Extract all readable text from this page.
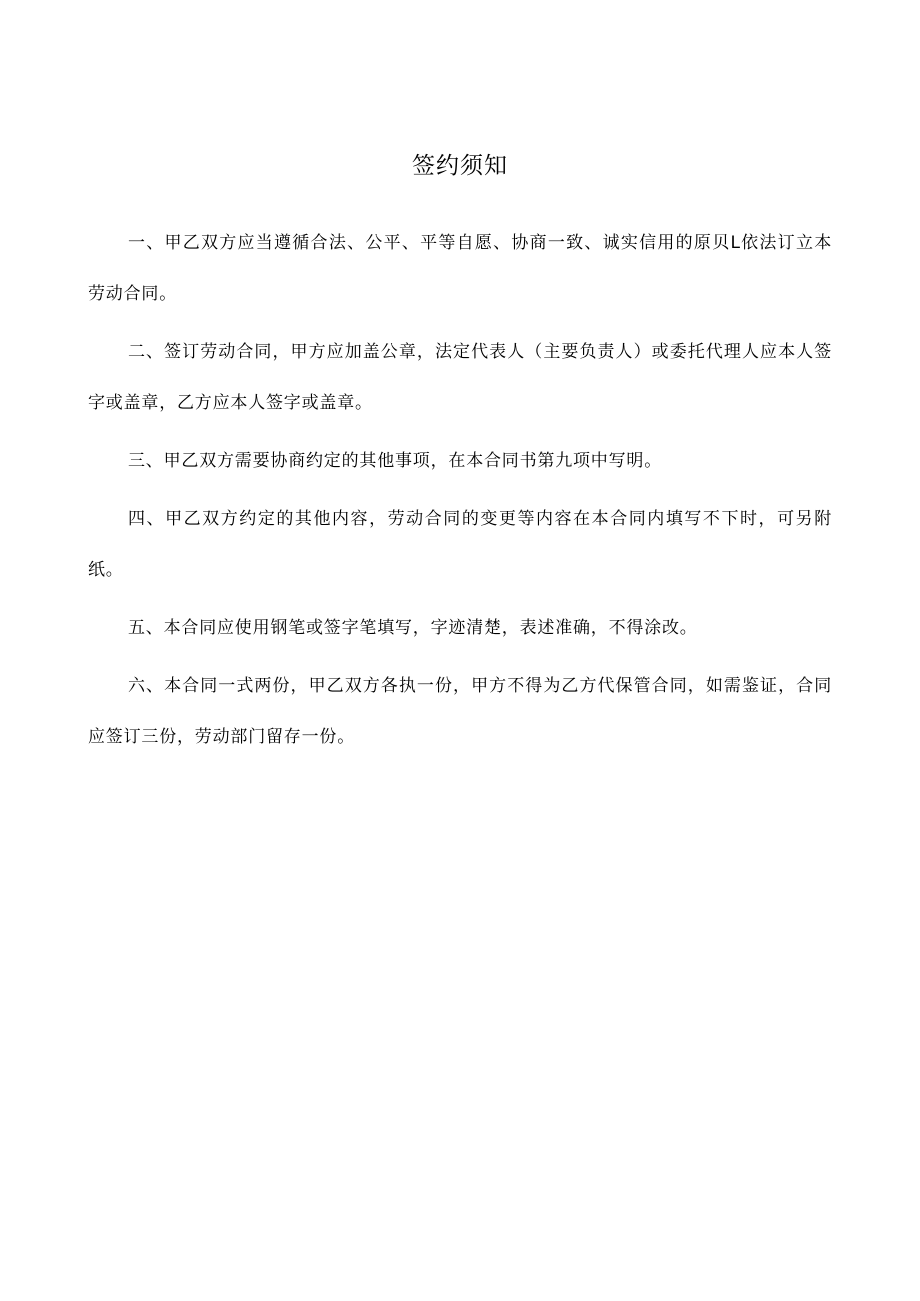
签约须知

一、甲乙双方应当遵循合法、公平、平等自愿、协商一致、诚实信用的原贝L依法订立本劳动合同。

二、签订劳动合同，甲方应加盖公章，法定代表人（主要负责人）或委托代理人应本人签字或盖章，乙方应本人签字或盖章。

三、甲乙双方需要协商约定的其他事项，在本合同书第九项中写明。

四、甲乙双方约定的其他内容，劳动合同的变更等内容在本合同内填写不下时，可另附纸。

五、本合同应使用钢笔或签字笔填写，字迹清楚，表述准确，不得涂改。

六、本合同一式两份，甲乙双方各执一份，甲方不得为乙方代保管合同，如需鉴证，合同应签订三份，劳动部门留存一份。
